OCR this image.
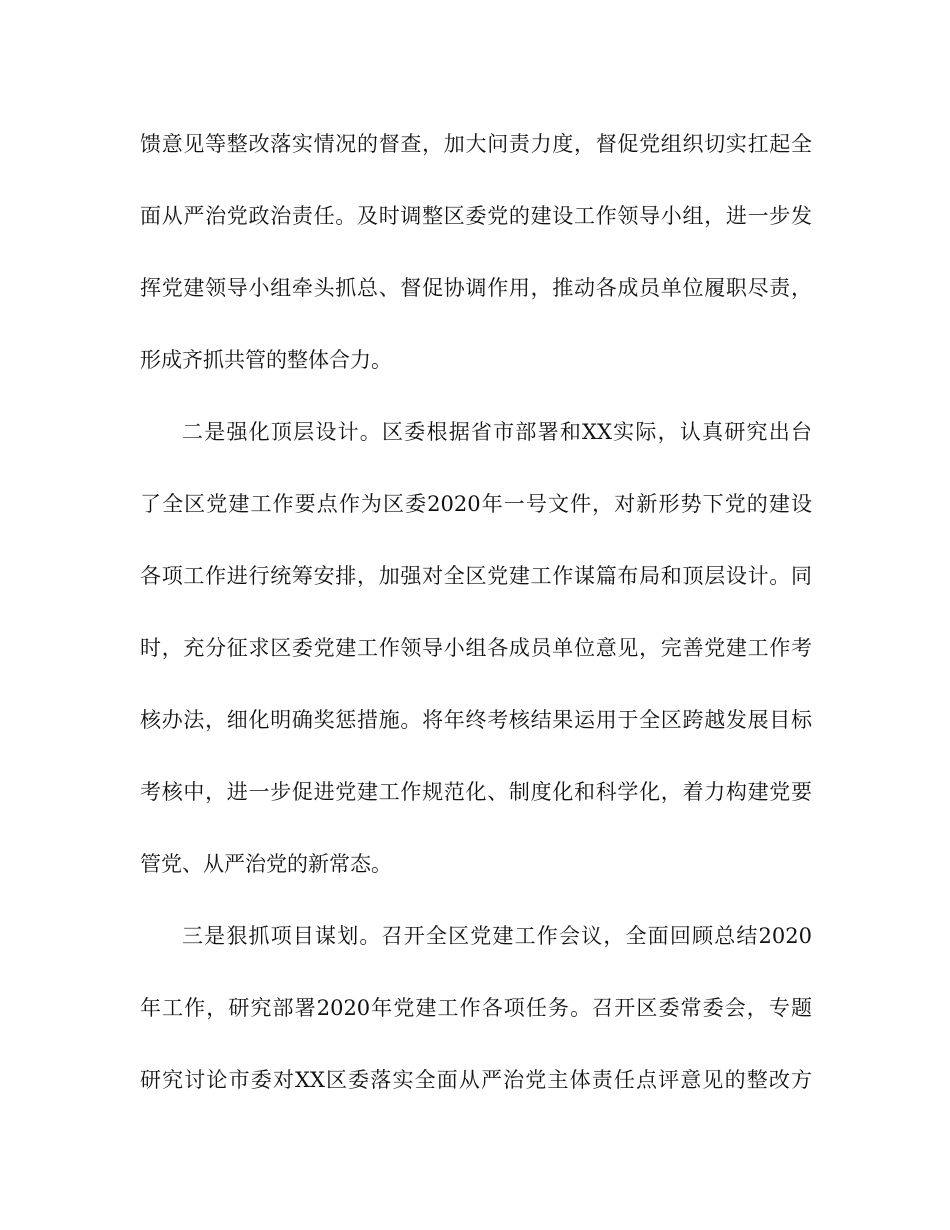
馈意见等整改落实情况的督查，加大问责力度，督促党组织切实扛起全
面从严治党政治责任。及时调整区委党的建设工作领导小组，进一步发
挥党建领导小组牵头抓总、督促协调作用，推动各成员单位履职尽责，
形成齐抓共管的整体合力。
二是强化顶层设计。区委根据省市部署和XX实际，认真研究出台
了全区党建工作要点作为区委2020年一号文件，对新形势下党的建设
各项工作进行统筹安排，加强对全区党建工作谋篇布局和顶层设计。同
时，充分征求区委党建工作领导小组各成员单位意见，完善党建工作考
核办法，细化明确奖惩措施。将年终考核结果运用于全区跨越发展目标
考核中，进一步促进党建工作规范化、制度化和科学化，着力构建党要
管党、从严治党的新常态。
三是狠抓项目谋划。召开全区党建工作会议，全面回顾总结2020
年工作，研究部署2020年党建工作各项任务。召开区委常委会，专题
研究讨论市委对XX区委落实全面从严治党主体责任点评意见的整改方
